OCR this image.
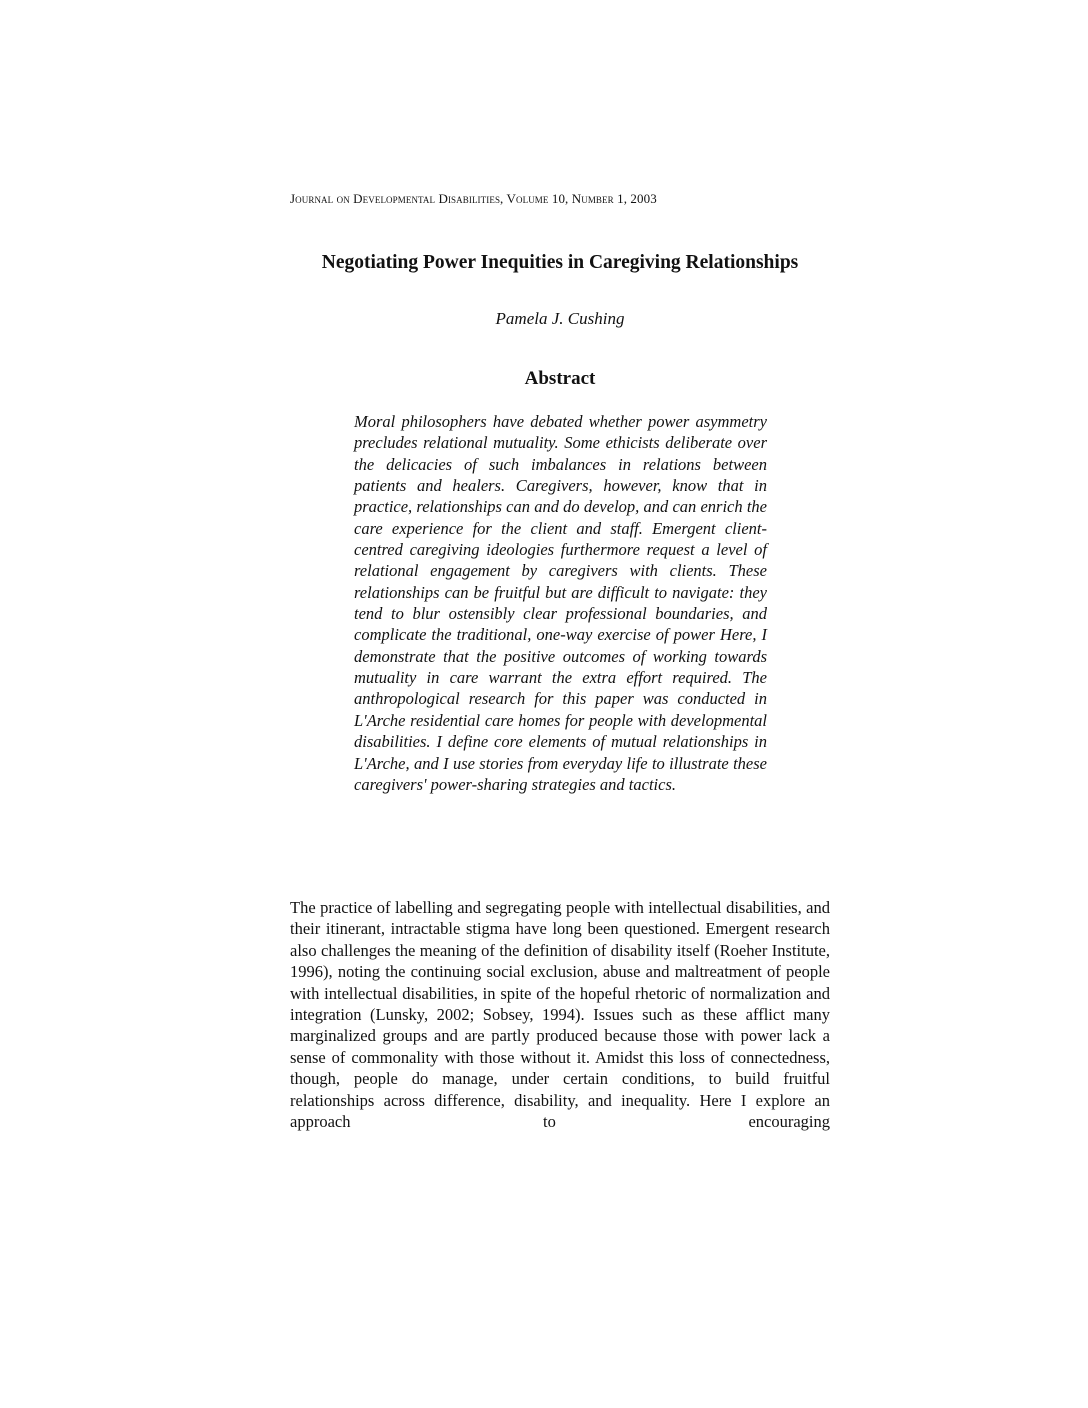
Journal on Developmental Disabilities, Volume 10, Number 1, 2003
Negotiating Power Inequities in Caregiving Relationships
Pamela J. Cushing
Abstract
Moral philosophers have debated whether power asymmetry precludes relational mutuality. Some ethicists deliberate over the delicacies of such imbalances in relations between patients and healers. Caregivers, however, know that in practice, relationships can and do develop, and can enrich the care experience for the client and staff. Emergent client-centred caregiving ideologies furthermore request a level of relational engagement by caregivers with clients. These relationships can be fruitful but are difficult to navigate: they tend to blur ostensibly clear professional boundaries, and complicate the traditional, one-way exercise of power Here, I demonstrate that the positive outcomes of working towards mutuality in care warrant the extra effort required. The anthropological research for this paper was conducted in L'Arche residential care homes for people with developmental disabilities. I define core elements of mutual relationships in L'Arche, and I use stories from everyday life to illustrate these caregivers' power-sharing strategies and tactics.
The practice of labelling and segregating people with intellectual disabilities, and their itinerant, intractable stigma have long been questioned. Emergent research also challenges the meaning of the definition of disability itself (Roeher Institute, 1996), noting the continuing social exclusion, abuse and maltreatment of people with intellectual disabilities, in spite of the hopeful rhetoric of normalization and integration (Lunsky, 2002; Sobsey, 1994). Issues such as these afflict many marginalized groups and are partly produced because those with power lack a sense of commonality with those without it. Amidst this loss of connectedness, though, people do manage, under certain conditions, to build fruitful relationships across difference, disability, and inequality. Here I explore an approach to encouraging
